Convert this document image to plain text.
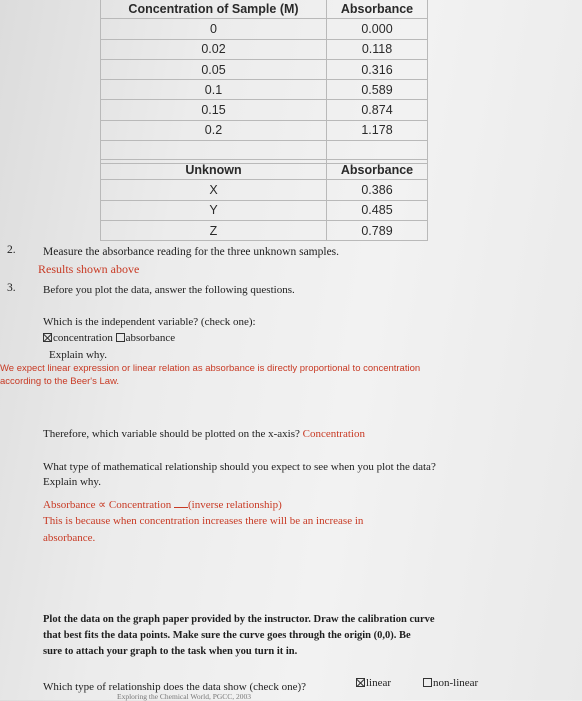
Concentration of Sample (M)	Absorbance
0	0.000
0.02	0.118
0.05	0.316
0.1	0.589
0.15	0.874
0.2	1.178

Unknown	Absorbance
X	0.386
Y	0.485
Z	0.789
2. Measure the absorbance reading for the three unknown samples.
Results shown above
3. Before you plot the data, answer the following questions.
Which is the independent variable? (check one):
concentration absorbance
Explain why.
We expect linear expression or linear relation as absorbance is directly proportional to concentration
according to the Beer's Law.
Therefore, which variable should be plotted on the x-axis? Concentration
What type of mathematical relationship should you expect to see when you plot the data?
Explain why.
Absorbance ∝ Concentration (inverse relationship)
This is because when concentration increases there will be an increase in
absorbance.
Plot the data on the graph paper provided by the instructor. Draw the calibration curve
that best fits the data points. Make sure the curve goes through the origin (0,0). Be
sure to attach your graph to the task when you turn it in.
Which type of relationship does the data show (check one)?	linear	non-linear
Exploring the Chemical World, PGCC, 2003
